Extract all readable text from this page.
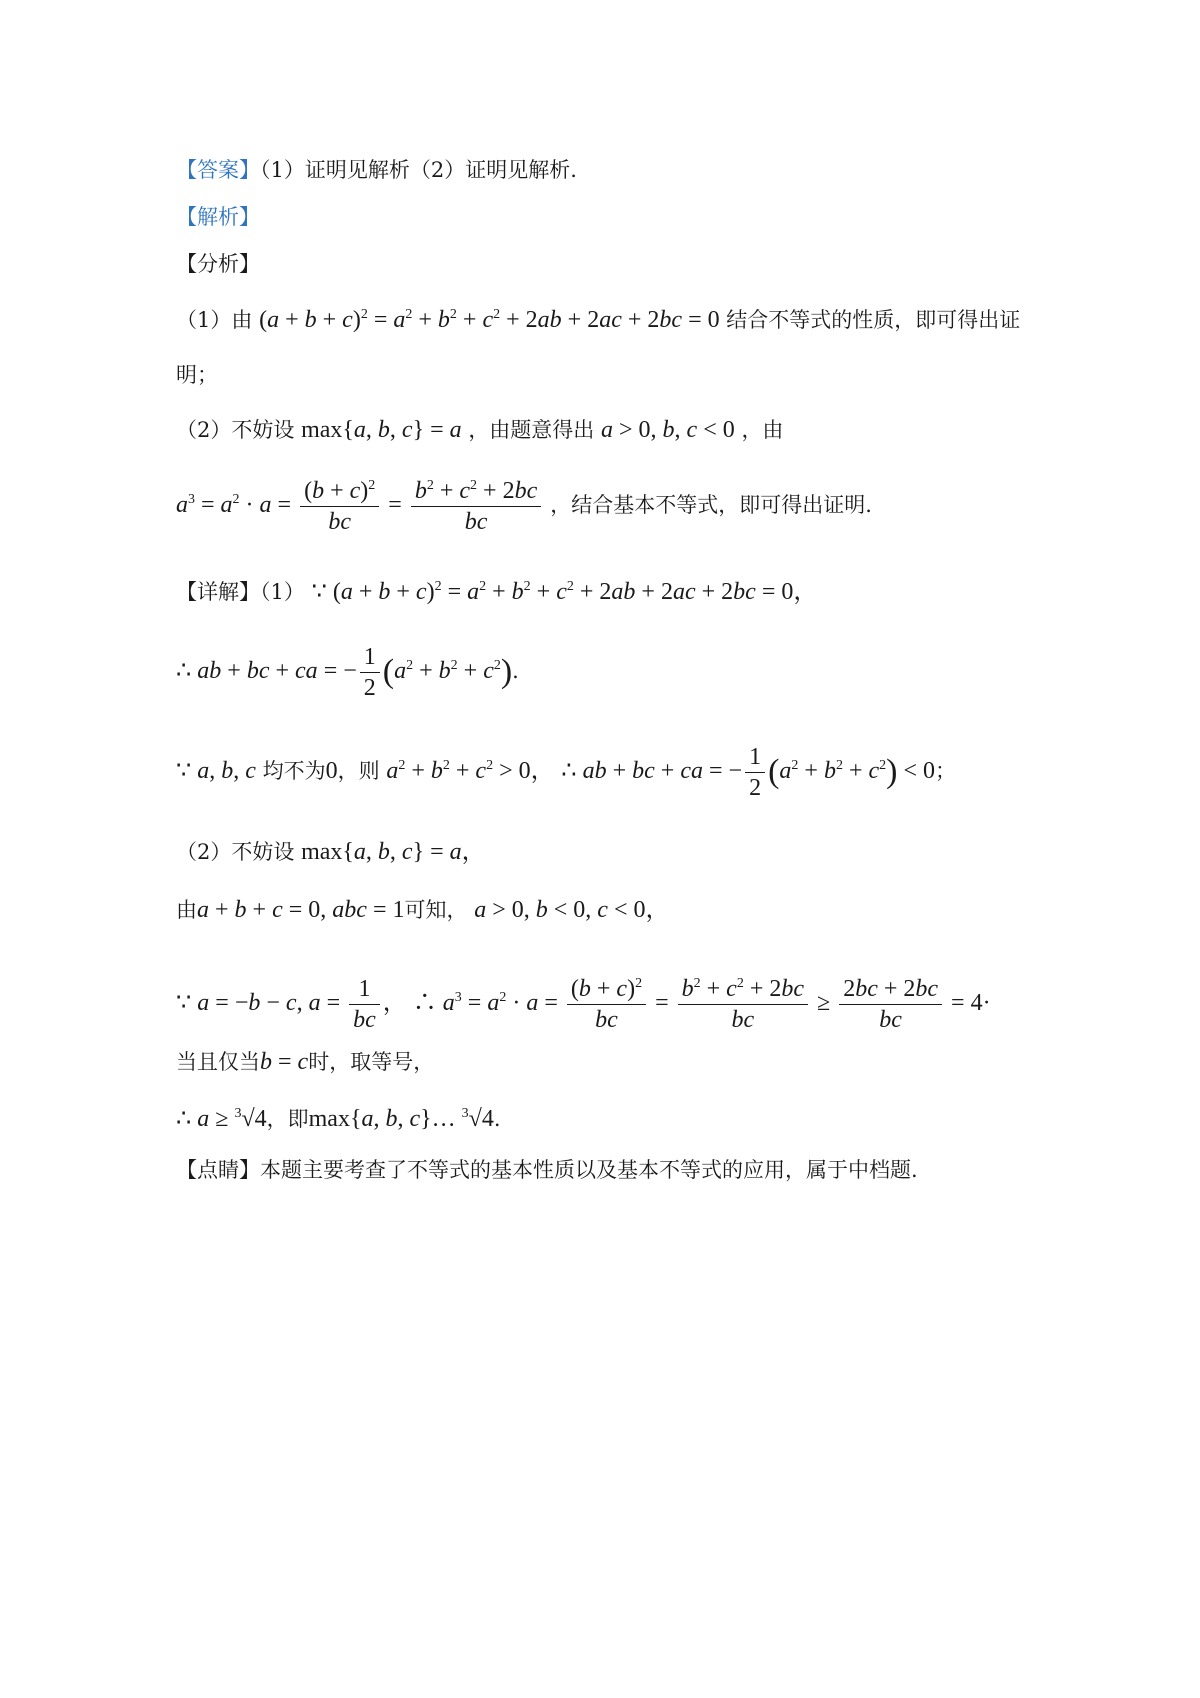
【答案】（1）证明见解析（2）证明见解析.
【解析】
【分析】
（1）由 $(a + b + c)^2 = a^2 + b^2 + c^2 + 2ab + 2ac + 2bc = 0$ 结合不等式的性质，即可得出证
明；
（2）不妨设 max{a, b, c} = a ，由题意得出 a > 0, b, c < 0 ，由
$a^3 = a^2 \cdot a = \frac{(b + c)^2}{bc} = \frac{b^2 + c^2 + 2bc}{bc}$ ，结合基本不等式，即可得出证明.
【详解】（1） ∵ $(a + b + c)^2 = a^2 + b^2 + c^2 + 2ab + 2ac + 2bc = 0$，
∴ ab + bc + ca = − $\frac{1}{2} (a^2 + b^2 + c^2)$.
∵ a, b, c 均不为0，则 $a^2 + b^2 + c^2 > 0$， ∴ ab + bc + ca = − $\frac{1}{2} (a^2 + b^2 + c^2) < 0$；
（2）不妨设 max{a, b, c} = a，
由a + b + c = 0, abc = 1可知， a > 0, b < 0, c < 0，
∵ a = −b − c, $a = \frac{1}{bc}$ ， ∴ $a^3 = a^2 \cdot a = \frac{(b + c)^2}{bc} = \frac{b^2 + c^2 + 2bc}{bc} \ge \frac{2bc + 2bc}{bc} = 4\cdot$
当且仅当b = c时，取等号，
∴ a ≥ $^3$√4，即max{a, b, c}… $^3$√4.
【点睛】本题主要考查了不等式的基本性质以及基本不等式的应用，属于中档题.
